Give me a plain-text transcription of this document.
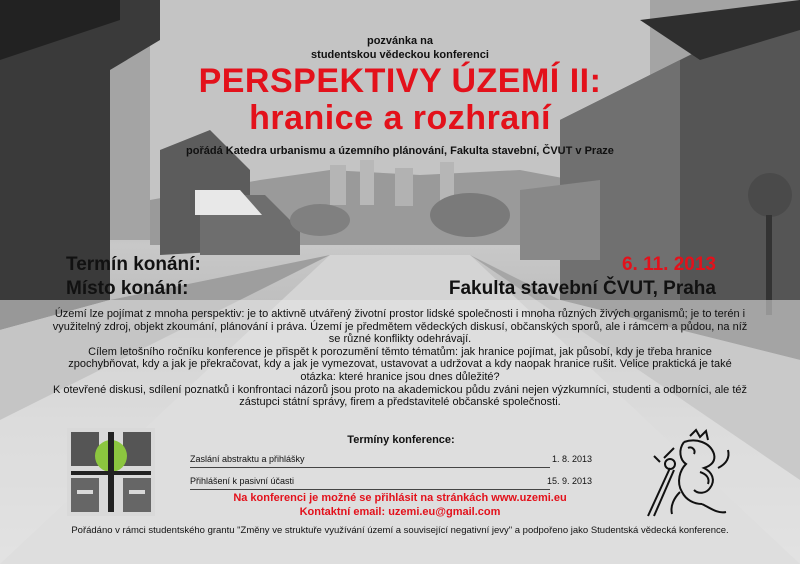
pozvánka na
studentskou vědeckou konferenci
PERSPEKTIVY ÚZEMÍ II:
hranice a rozhraní
pořádá Katedra urbanismu a územního plánování, Fakulta stavební, ČVUT v Praze
Termín konání:
Místo konání:
6. 11. 2013
Fakulta stavební ČVUT, Praha
Území lze pojímat z mnoha perspektiv: je to aktivně utvářený životní prostor lidské společnosti i mnoha různých živých organismů; je to terén i využitelný zdroj, objekt zkoumání, plánování i práva. Území je předmětem vědeckých diskusí, občanských sporů, ale i rámcem a půdou, na níž se různé konflikty odehrávají.
Cílem letošního ročníku konference je přispět k porozumění těmto tématům: jak hranice pojímat, jak působí, kdy je třeba hranice zpochybňovat, kdy a jak je překračovat, kdy a jak je vymezovat, ustavovat a udržovat a kdy naopak hranice rušit. Velice praktická je také otázka: které hranice jsou dnes důležité?
K otevřené diskusi, sdílení poznatků i konfrontaci názorů jsou proto na akademickou půdu zváni nejen výzkumníci, studenti a odborníci, ale též zástupci státní správy, firem a představitelé občanské společnosti.
Termíny konference:
Zaslání abstraktu a přihlášky	1. 8. 2013
Přihlášení k pasivní účasti	15. 9. 2013
Na konferenci je možné se přihlásit na stránkách www.uzemi.eu
Kontaktní email: uzemi.eu@gmail.com
Pořádáno v rámci studentského grantu "Změny ve struktuře využívání území a související negativní jevy" a podpořeno jako Studentská vědecká konference.
